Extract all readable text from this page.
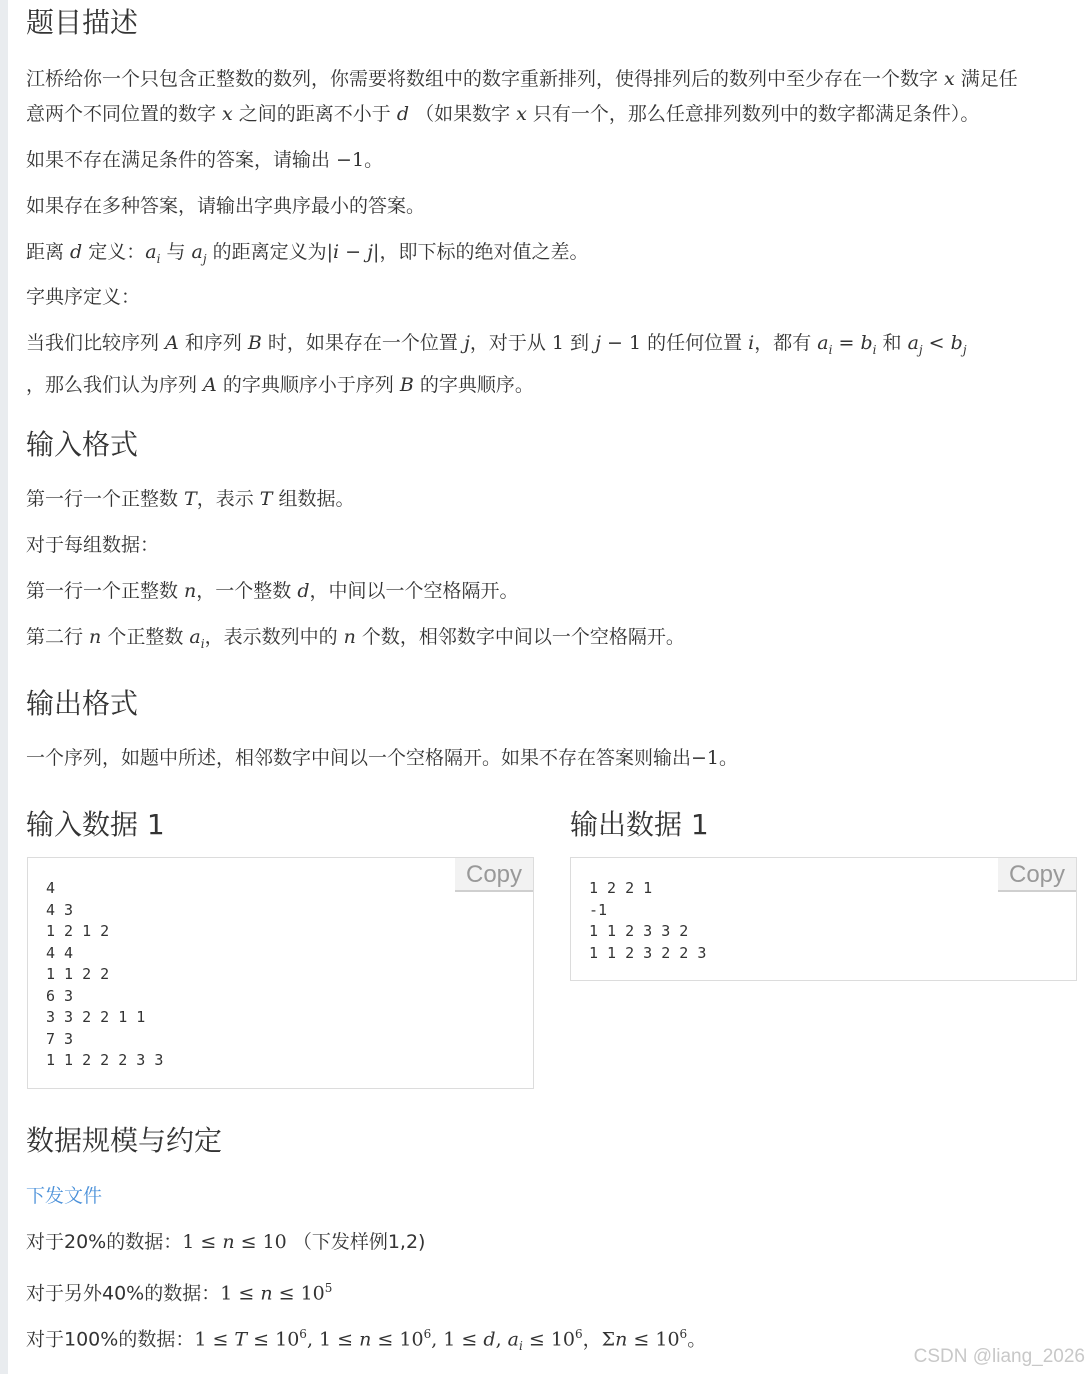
题目描述

江桥给你一个只包含正整数的数列，你需要将数组中的数字重新排列，使得排列后的数列中至少存在一个数字 x 满足任

意两个不同位置的数字 x 之间的距离不小于 d （如果数字 x 只有一个，那么任意排列数列中的数字都满足条件）。

如果不存在满足条件的答案，请输出 −1。

如果存在多种答案，请输出字典序最小的答案。

距离 d 定义：$a_i$ 与 $a_j$ 的距离定义为|i − j|，即下标的绝对值之差。

字典序定义：

当我们比较序列 A 和序列 B 时，如果存在一个位置 j，对于从 1 到 j − 1 的任何位置 i，都有 $a_i = b_i$ 和 $a_j < b_j$
，那么我们认为序列 A 的字典顺序小于序列 B 的字典顺序。

输入格式

第一行一个正整数 T，表示 T 组数据。

对于每组数据：

第一行一个正整数 n，一个整数 d，中间以一个空格隔开。

第二行 n 个正整数 $a_i$，表示数列中的 n 个数，相邻数字中间以一个空格隔开。

输出格式

一个序列，如题中所述，相邻数字中间以一个空格隔开。如果不存在答案则输出−1。

输入数据 1	输出数据 1
4
4 3
1 2 1 2
4 4
1 1 2 2
6 3
3 3 2 2 1 1
7 3
1 1 2 2 2 3 3
Copy	1 2 2 1
-1
1 1 2 3 3 2
1 1 2 3 2 2 3
Copy
数据规模与约定

下发文件

对于20%的数据：1 ≤ n ≤ 10 （下发样例1,2)

对于另外40%的数据：$1 \le n \le 10^5$

对于100%的数据：$1 \le T \le 10^6$, $1 \le n \le 10^6$, 1 ≤ d, $a_i \le 10^6$，$\Sigma n \le 10^6$。

CSDN @liang_2026
